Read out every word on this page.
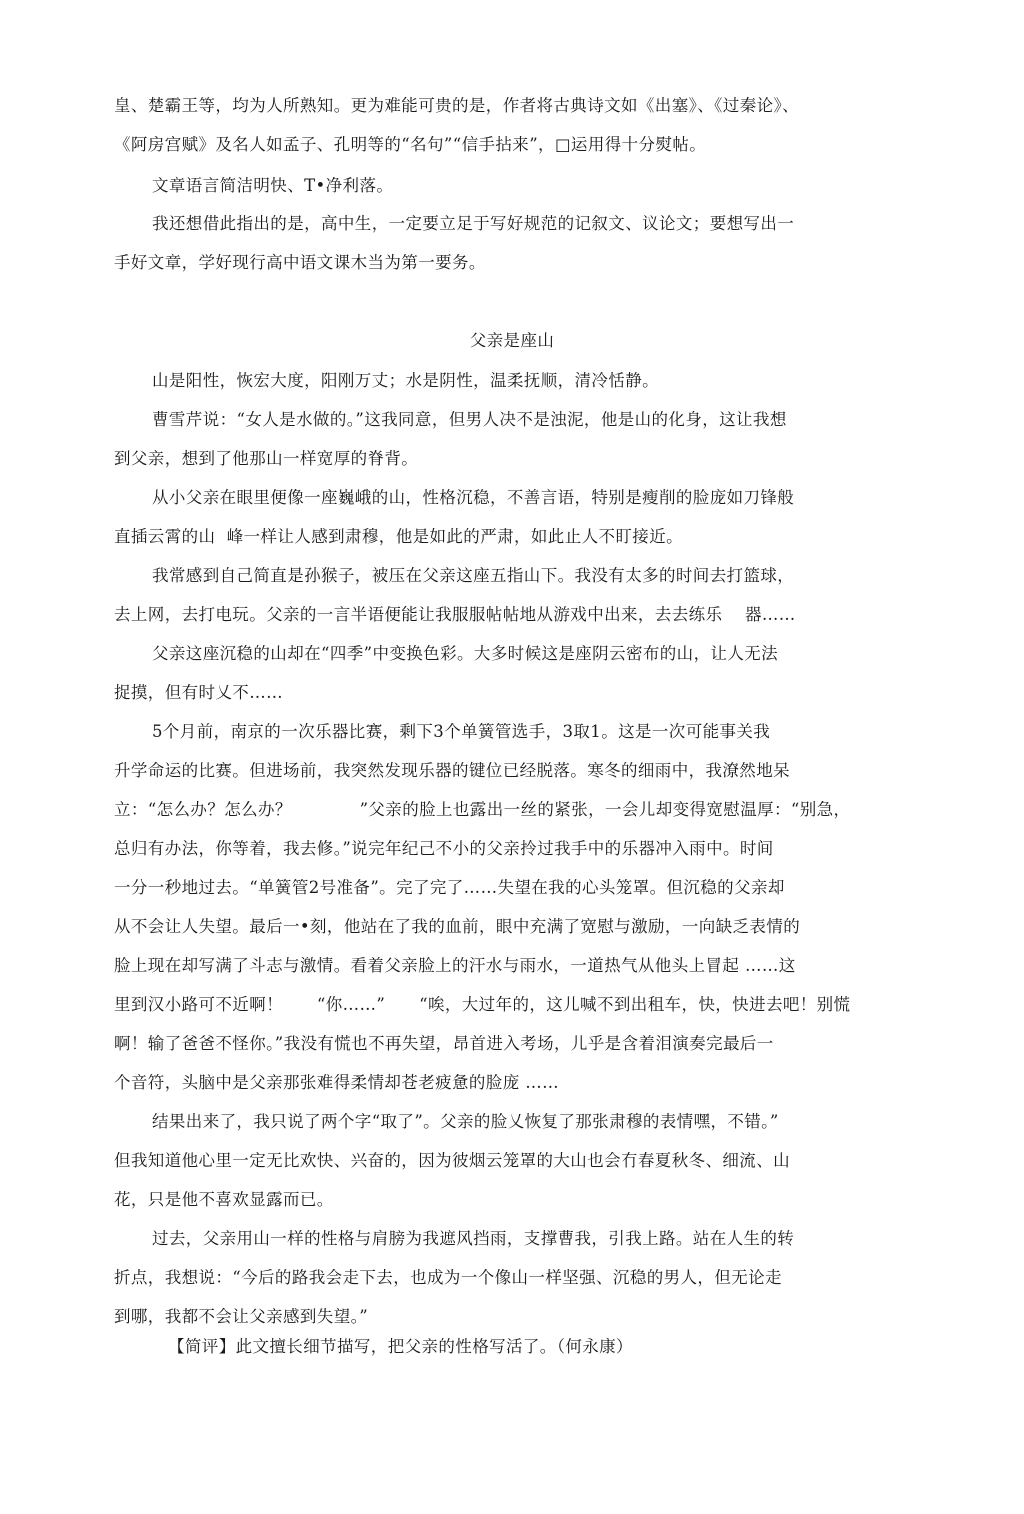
皇、楚霸王等，均为人所熟知。更为难能可贵的是，作者将古典诗文如《出塞》、《过秦论》、
《阿房宫赋》及名人如孟子、孔明等的“名句”“信手拈来”，□运用得十分熨帖。
文章语言简洁明快、T•净利落。
我还想借此指出的是，高中生，一定要立足于写好规范的记叙文、议论文；要想写出一
手好文章，学好现行高中语文课木当为第一要务。
父亲是座山
山是阳性，恢宏大度，阳刚万丈；水是阴性，温柔抚顺，清冷恬静。
曹雪芹说：“女人是水做的。”这我同意，但男人决不是浊泥，他是山的化身，这让我想
到父亲，想到了他那山一样宽厚的脊背。
从小父亲在眼里便像一座巍峨的山，性格沉稳，不善言语，特别是瘦削的脸庞如刀锋般
直插云霄的山  峰一样让人感到肃穆，他是如此的严肃，如此止人不盯接近。
我常感到自己简直是孙猴子，被压在父亲这座五指山下。我没有太多的时间去打篮球，
去上网，去打电玩。父亲的一言半语便能让我服服帖帖地从游戏中出来，去去练乐    器……
父亲这座沉稳的山却在“四季”中变换色彩。大多时候这是座阴云密布的山，让人无法
捉摸，但有时乂不……
5个月前，南京的一次乐器比赛，剩下3个单簧管选手，3取1。这是一次可能事关我
升学命运的比赛。但进场前，我突然发现乐器的键位已经脱落。寒冬的细雨中，我潦然地呆
立：“怎么办？怎么办？            ”父亲的脸上也露出一丝的紧张，一会儿却变得宽慰温厚：“别急，
总归有办法，你等着，我去修。”说完年纪己不小的父亲拎过我手中的乐器冲入雨中。时间
一分一秒地过去。“单簧管2号准备”。完了完了……失望在我的心头笼罩。但沉稳的父亲却
从不会让人失望。最后一•刻，他站在了我的血前，眼中充满了宽慰与激励，一向缺乏表情的
脸上现在却写满了斗志与激情。看着父亲脸上的汗水与雨水，一道热气从他头上冒起 ……这
里到汉小路可不近啊！      “你……”      “唉，大过年的，这儿喊不到出租车，快，快进去吧！别慌
啊！输了爸爸不怪你。”我没有慌也不再失望，昂首进入考场，儿乎是含着泪演奏完最后一
个音符，头脑中是父亲那张难得柔情却苍老疲惫的脸庞 ……
结果出来了，我只说了两个字“取了”。父亲的脸乂恢复了那张肃穆的表情嘿，不错。”
但我知道他心里一定无比欢快、兴奋的，因为彼烟云笼罩的大山也会冇春夏秋冬、细流、山
花，只是他不喜欢显露而已。
过去，父亲用山一样的性格与肩膀为我遮风挡雨，支撑曹我，引我上路。站在人生的转
折点，我想说：“今后的路我会走下去，也成为一个像山一样坚强、沉稳的男人，但无论走
到哪，我都不会让父亲感到失望。”
【简评】此文擅长细节描写，把父亲的性格写活了。（何永康）
